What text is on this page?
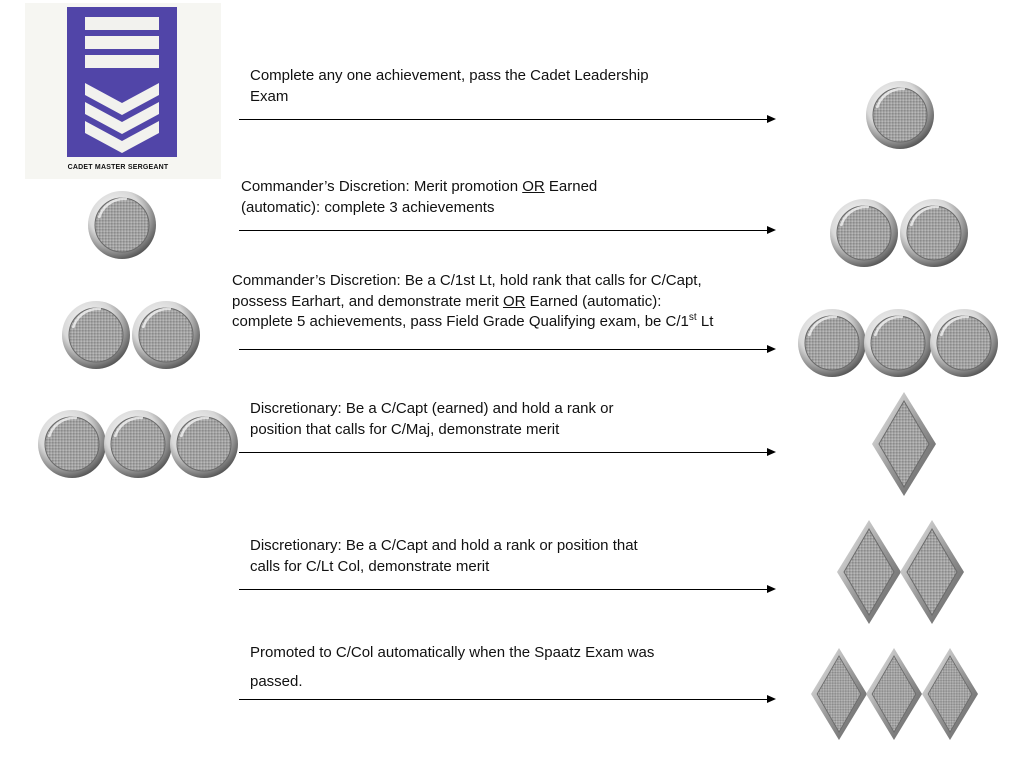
CADET MASTER SERGEANT
Complete any one achievement, pass the Cadet Leadership
Exam
Commander’s Discretion: Merit promotion OR Earned
(automatic): complete 3 achievements
Commander’s Discretion: Be a C/1st Lt, hold rank that calls for C/Capt,
possess Earhart, and demonstrate merit OR Earned (automatic):
complete 5 achievements, pass Field Grade Qualifying exam, be C/1st Lt
Discretionary: Be a C/Capt (earned) and hold a rank or
position that calls for C/Maj, demonstrate merit
Discretionary: Be a C/Capt and hold a rank or position that
calls for C/Lt Col, demonstrate merit
Promoted to C/Col automatically when the Spaatz Exam was
passed.
